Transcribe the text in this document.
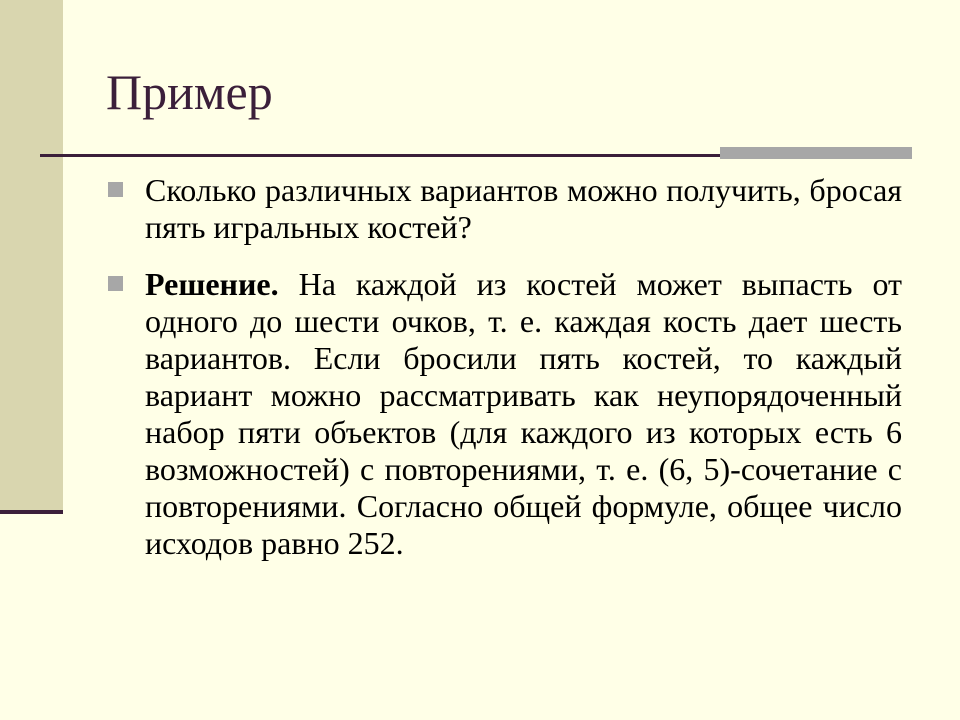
Пример
Сколько различных вариантов можно получить, бросая пять игральных костей?
Решение. На каждой из костей может выпасть от одного до шести очков, т. е. каждая кость дает шесть вариантов. Если бросили пять костей, то каждый вариант можно рассматривать как неупорядоченный набор пяти объектов (для каждого из которых есть 6 возможностей) с повторениями, т. е. (6, 5)-сочетание с повторениями. Согласно общей формуле, общее число исходов равно 252.
